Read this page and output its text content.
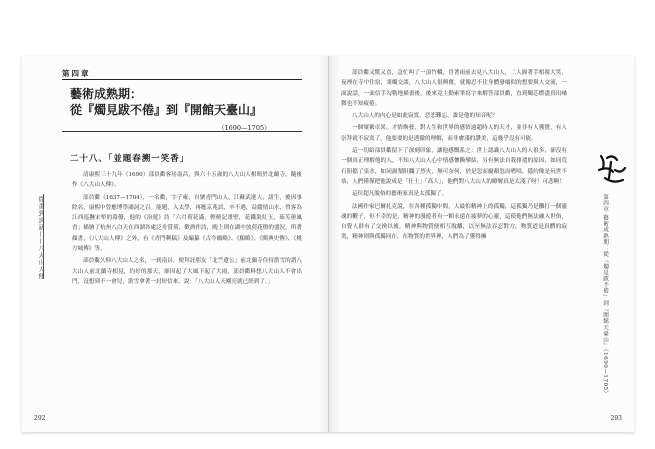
第四章
藝術成熟期：
從『燭見跋不倦』到『開館天臺山』
（1690—1705）
二十八、「並題春溯一笑香」
從畫到詞話——八大山人傳

清康熙三十九年（1690）部員衢客居南昌，與六十五歲的八大山人相晤於北蘭寺，隨後作《八大山人傳》。

部員衢（1637—1704），一名衢，字子雍，自號青門山人，江蘇武進人，諸生，後因事除名，康熙中曾應博學鴻詞之召。能題，入太學，再應京兆試，卒不遇，益縱情山水，曾客為江西巡撫宋犖的幕僚，他的《治遊》詩「六月荷花滿，輕橈記畫壁，花鐵裝紅玉，茹芙蕙風香」描繪了杭州八白天在西湖各處泛舟賞荷，歡酒作詩，晚上則在湖中放荷花燈的盛況，所著顏書，《八大山人傳》之外，有《青門剩稿》及編纂《古今願略》、《願略》、《閩典史傳》、《桃方城傳》等。

部員衢久仰八大山人之名，一到南昌，便拜託朋友「北竺遺公」前北蘭寺住持澹雪的謂八大山人前北蘭寺相見，約好的那天，卻因起了大風下起了大雨，部員衢料想八大山人不會出門，沒想到不一會兒，澹雪拿著一封短信來，說：「八大山人天剛亮就已經到了，」

292

部員衢又驚又喜，急忙叫了一頂竹轎，冒著雨前去見八大山人，二人握著手相視大笑，夜裡在寺中住宿，秉燭交談，八大山人很興奮，就像忍不住身體發癢似的想要與人交流，一面說話，一面信手勾勒地描畫後，後來竟主動索筆寫字來解答部員衢，直到燭芯燃盡真出嗓微也不知疲倦。

八大山人的內心是如此寂寞，恋恋難忘，誰是他的知音呢？

一個窠縈卓異，才情煥發，對人生和世界的感悟遠超時人的天才，並非有人獲贊，有人崇拜就不寂寞了，他要要的是透徹的理解，而非膚淺的讚美，這幾乎沒有可能。

這一切給部員衢留下了深刻印象，讓他感慨系之：世上認識八大山人的人很多，卻沒有一個真正理解他的人，不知八大山人心中情感懷撕攣結，另有無法自我排遣的原因，如同荒石阻擋了泉水，如同渦梨阻攔了烈火，無可奈何，於是忽而癡顛忽而嗜啞，隱約像是玩世不恭，人們僅僅把他說成是「狂士」「高人」，他們對八大山人的瞭解真是太淺了呀！可悲啊！

這位超凡脫俗的藝術家真是太孤獨了。

法國作家巴爾扎克說，在各種孤獨中間，人最怕精神上的孤獨，這孤獨乃是攤打一個靈魂的鞭子，但不幸的是，精神的漫遊者有一顆永遠在疲夢的心靈，這使他們無法融入世俗，自覺人群有了交換以後，精神與物質便相互脫離，以至無法吞忍對方，物質道是真體的寂寞，精神則與孤獨同在，在物質的世界裡，人們為了獲得擁	第四章 藝術成熟期：從『燭見跋不倦』到『開館天臺山』（1690—1705）
293
